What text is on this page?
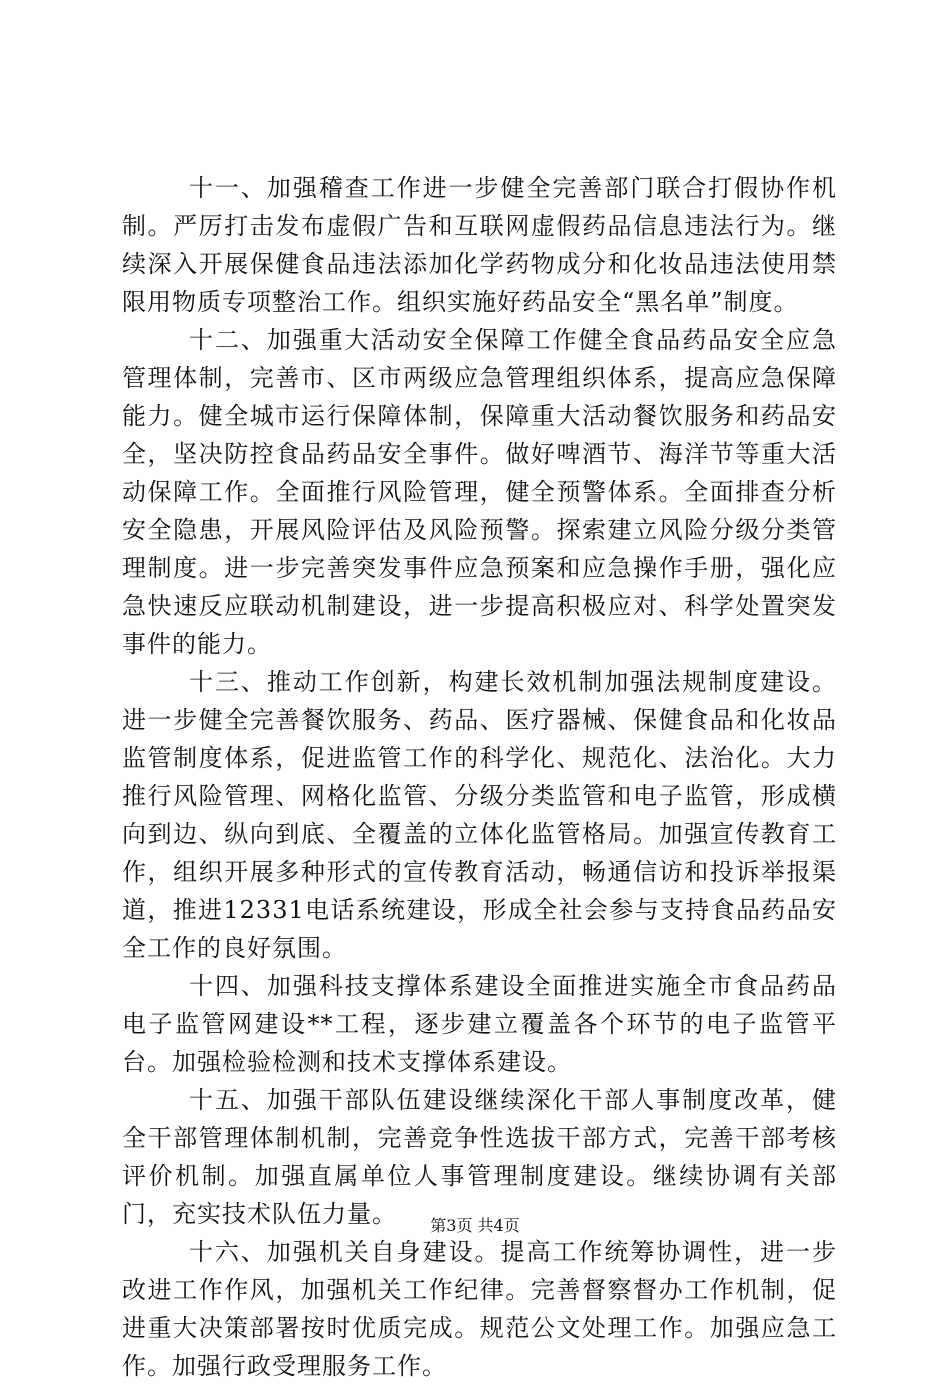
十一、加强稽查工作进一步健全完善部门联合打假协作机制。严厉打击发布虚假广告和互联网虚假药品信息违法行为。继续深入开展保健食品违法添加化学药物成分和化妆品违法使用禁限用物质专项整治工作。组织实施好药品安全“黑名单”制度。

十二、加强重大活动安全保障工作健全食品药品安全应急管理体制，完善市、区市两级应急管理组织体系，提高应急保障能力。健全城市运行保障体制，保障重大活动餐饮服务和药品安全，坚决防控食品药品安全事件。做好啤酒节、海洋节等重大活动保障工作。全面推行风险管理，健全预警体系。全面排查分析安全隐患，开展风险评估及风险预警。探索建立风险分级分类管理制度。进一步完善突发事件应急预案和应急操作手册，强化应急快速反应联动机制建设，进一步提高积极应对、科学处置突发事件的能力。

十三、推动工作创新，构建长效机制加强法规制度建设。进一步健全完善餐饮服务、药品、医疗器械、保健食品和化妆品监管制度体系，促进监管工作的科学化、规范化、法治化。大力推行风险管理、网格化监管、分级分类监管和电子监管，形成横向到边、纵向到底、全覆盖的立体化监管格局。加强宣传教育工作，组织开展多种形式的宣传教育活动，畅通信访和投诉举报渠道，推进12331电话系统建设，形成全社会参与支持食品药品安全工作的良好氛围。

十四、加强科技支撑体系建设全面推进实施全市食品药品电子监管网建设**工程，逐步建立覆盖各个环节的电子监管平台。加强检验检测和技术支撑体系建设。

十五、加强干部队伍建设继续深化干部人事制度改革，健全干部管理体制机制，完善竞争性选拔干部方式，完善干部考核评价机制。加强直属单位人事管理制度建设。继续协调有关部门，充实技术队伍力量。

十六、加强机关自身建设。提高工作统筹协调性，进一步改进工作作风，加强机关工作纪律。完善督察督办工作机制，促进重大决策部署按时优质完成。规范公文处理工作。加强应急工作。加强行政受理服务工作。

第3页 共4页
